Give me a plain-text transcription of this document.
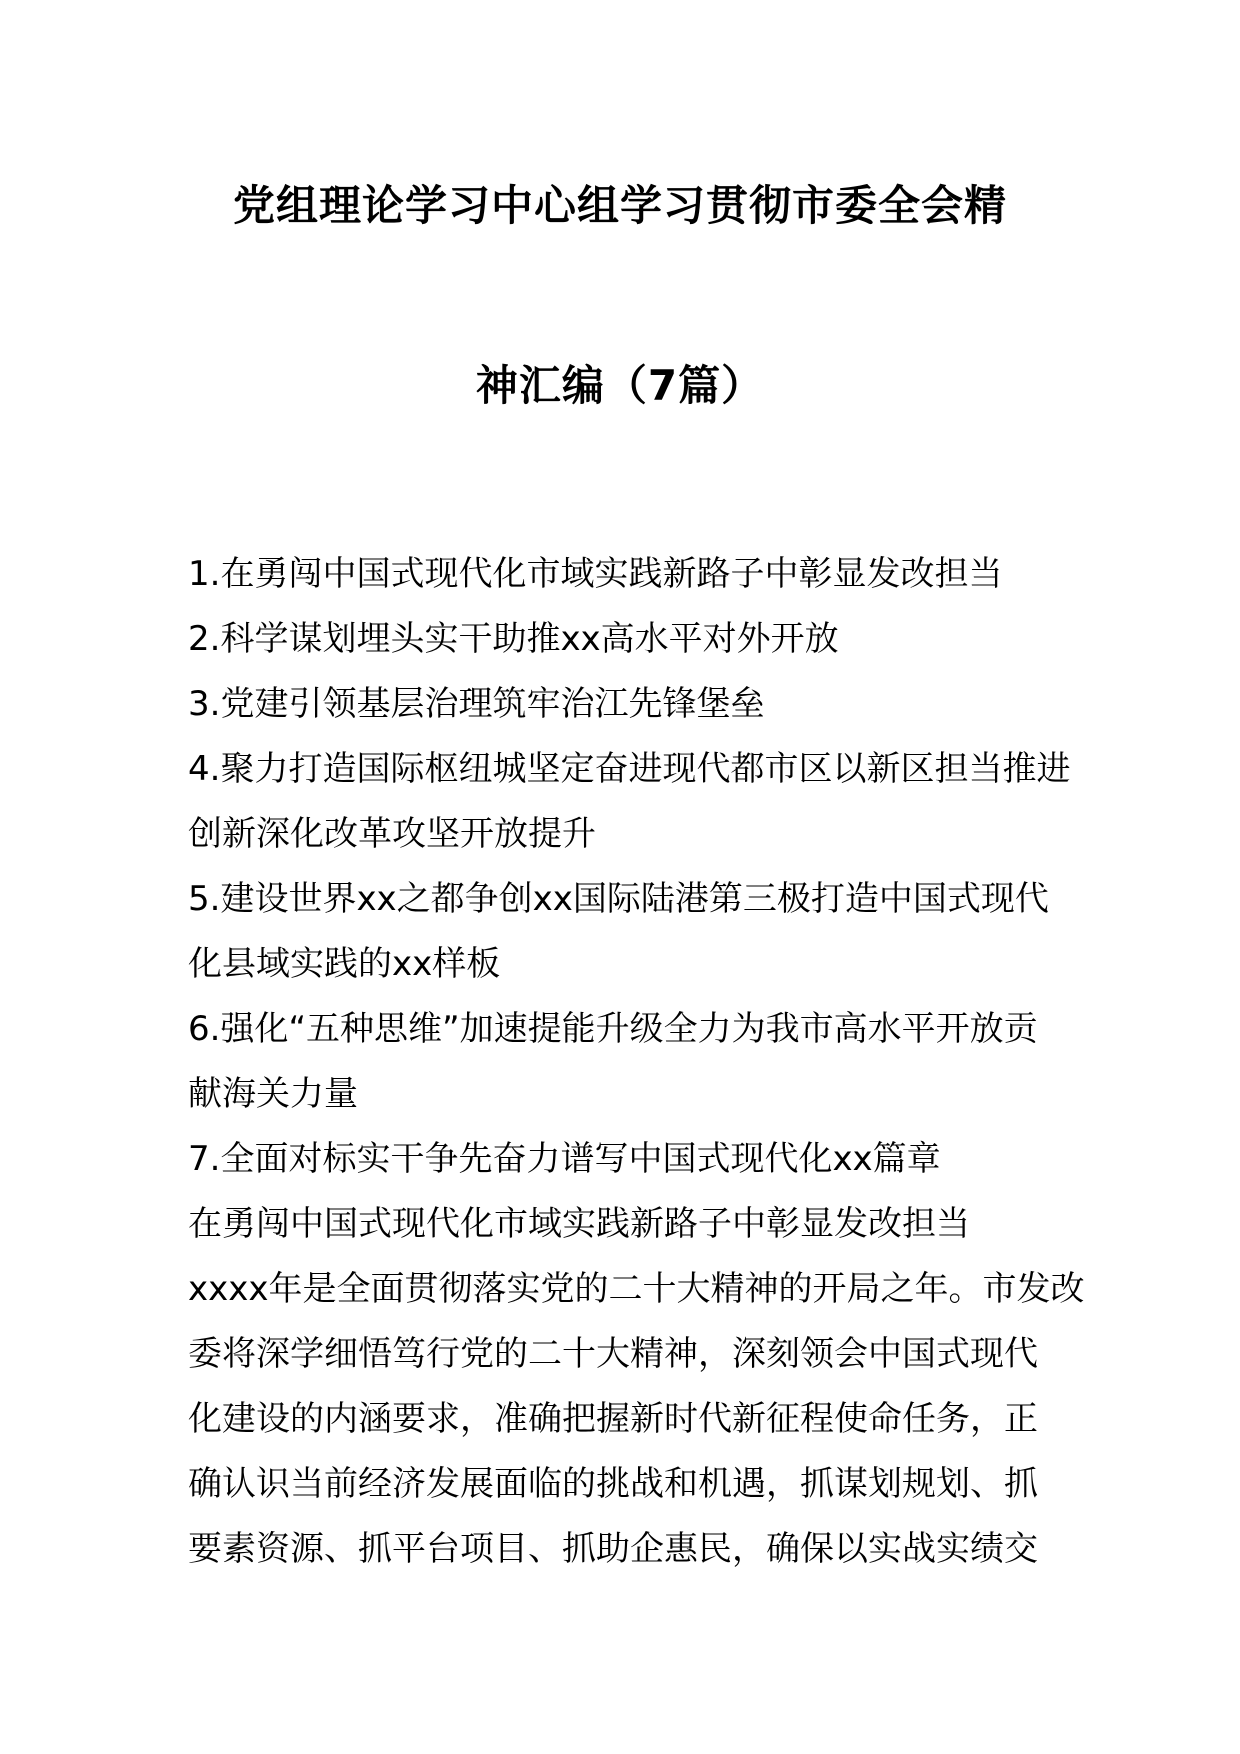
党组理论学习中心组学习贯彻市委全会精
神汇编（7篇）
1.在勇闯中国式现代化市域实践新路子中彰显发改担当
2.科学谋划埋头实干助推xx高水平对外开放
3.党建引领基层治理筑牢治江先锋堡垒
4.聚力打造国际枢纽城坚定奋进现代都市区以新区担当推进
创新深化改革攻坚开放提升
5.建设世界xx之都争创xx国际陆港第三极打造中国式现代
化县域实践的xx样板
6.强化“五种思维”加速提能升级全力为我市高水平开放贡
献海关力量
7.全面对标实干争先奋力谱写中国式现代化xx篇章
在勇闯中国式现代化市域实践新路子中彰显发改担当
xxxx年是全面贯彻落实党的二十大精神的开局之年。市发改
委将深学细悟笃行党的二十大精神，深刻领会中国式现代
化建设的内涵要求，准确把握新时代新征程使命任务，正
确认识当前经济发展面临的挑战和机遇，抓谋划规划、抓
要素资源、抓平台项目、抓助企惠民，确保以实战实绩交
